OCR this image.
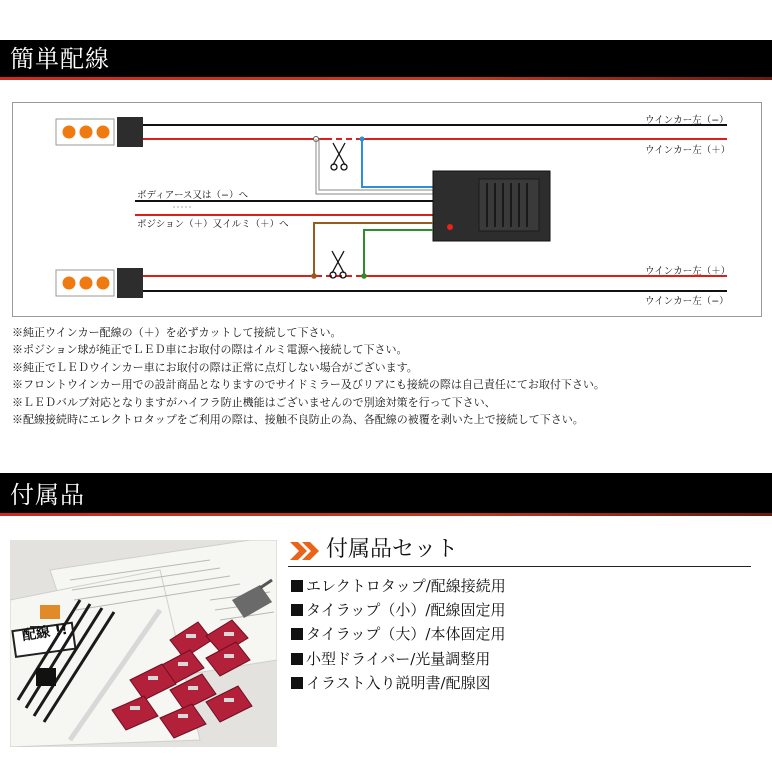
簡単配線
ウインカー左（−）
ウインカー左（＋）
ボディアース又は（−）へ
ポジション（＋）又イルミ（＋）へ
ウインカー左（＋）
ウインカー左（−）
※純正ウインカー配線の（＋）を必ずカットして接続して下さい。
※ポジション球が純正でＬＥＤ車にお取付の際はイルミ電源へ接続して下さい。
※純正でＬＥＤウインカー車にお取付の際は正常に点灯しない場合がございます。
※フロントウインカー用での設計商品となりますのでサイドミラー及びリアにも接続の際は自己責任にてお取付下さい。
※ＬＥＤバルブ対応となりますがハイフラ防止機能はございませんので別途対策を行って下さい、
※配線接続時にエレクトロタップをご利用の際は、接触不良防止の為、各配線の被覆を剥いた上で接続して下さい。
付属品
配線 !!
付属品セット
エレクトロタップ/配線接続用
タイラップ（小）/配線固定用
タイラップ（大）/本体固定用
小型ドライバー/光量調整用
イラスト入り説明書/配腺図
